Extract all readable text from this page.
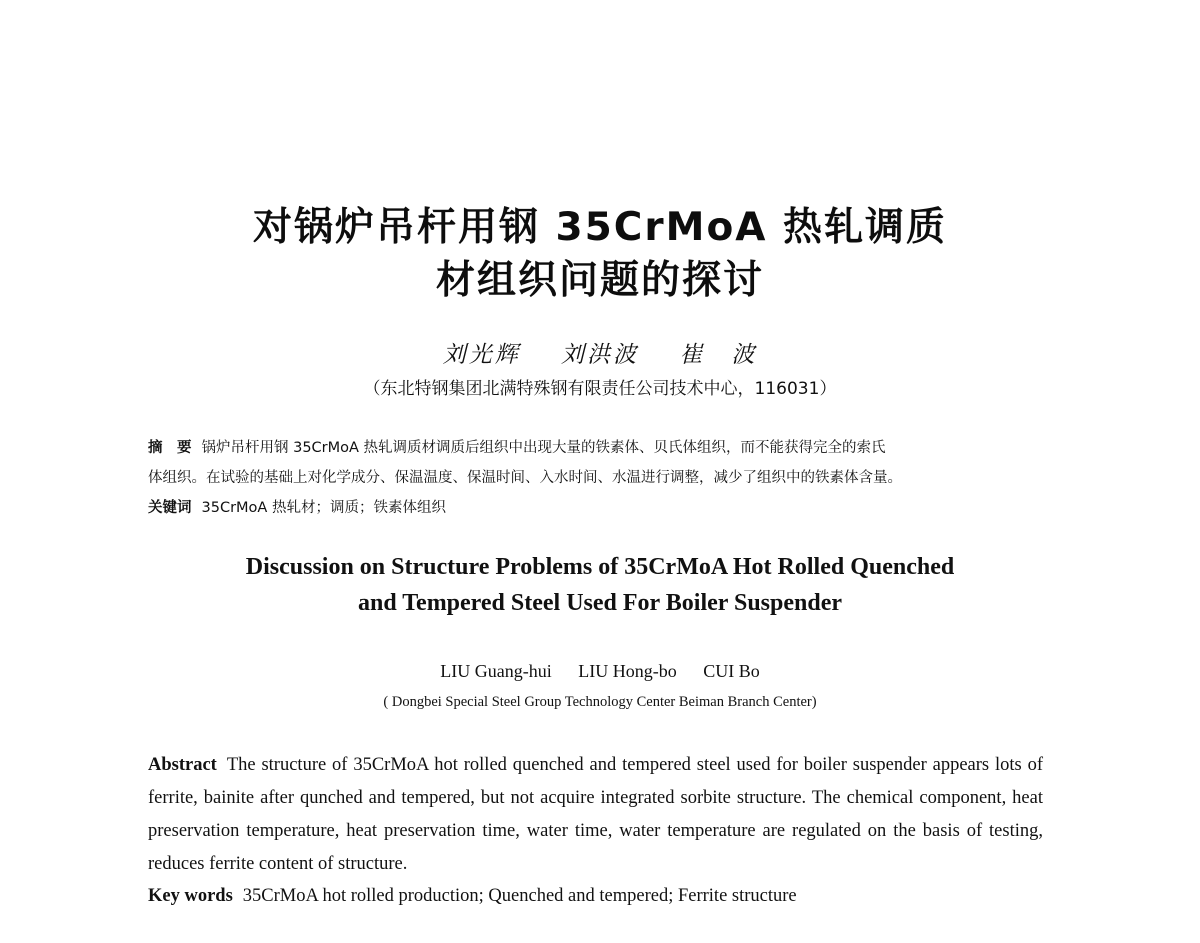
对锅炉吊杆用钢 35CrMoA 热轧调质
材组织问题的探讨
刘光辉 刘洪波 崔　波
（东北特钢集团北满特殊钢有限责任公司技术中心，116031）
摘　要 锅炉吊杆用钢 35CrMoA 热轧调质材调质后组织中出现大量的铁素体、贝氏体组织，而不能获得完全的索氏
体组织。在试验的基础上对化学成分、保温温度、保温时间、入水时间、水温进行调整，减少了组织中的铁素体含量。
关键词 35CrMoA 热轧材；调质；铁素体组织
Discussion on Structure Problems of 35CrMoA Hot Rolled Quenched
and Tempered Steel Used For Boiler Suspender
LIU Guang-hui LIU Hong-bo CUI Bo
( Dongbei Special Steel Group Technology Center Beiman Branch Center)
Abstract The structure of 35CrMoA hot rolled quenched and tempered steel used for boiler suspender appears lots of ferrite, bainite after qunched and tempered, but not acquire integrated sorbite structure. The chemical component, heat preservation temperature, heat preservation time, water time, water temperature are regulated on the basis of testing, reduces ferrite content of structure.
Key words 35CrMoA hot rolled production; Quenched and tempered; Ferrite structure
